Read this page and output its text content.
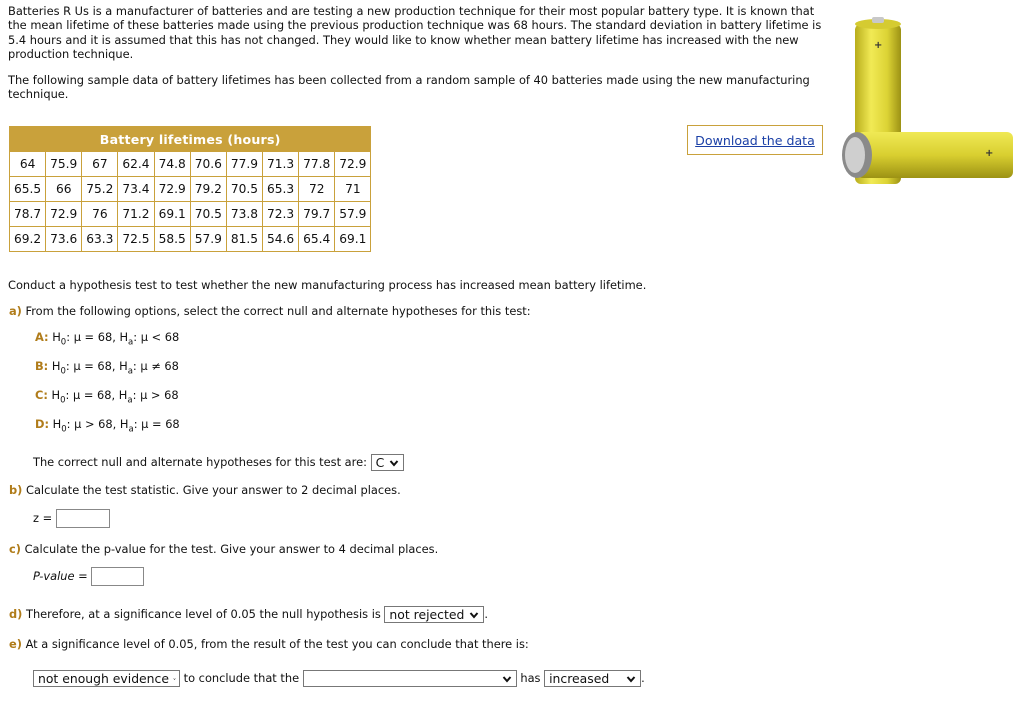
Batteries R Us is a manufacturer of batteries and are testing a new production technique for their most popular battery type. It is known that the mean lifetime of these batteries made using the previous production technique was 68 hours. The standard deviation in battery lifetime is 5.4 hours and it is assumed that this has not changed. They would like to know whether mean battery lifetime has increased with the new production technique.

The following sample data of battery lifetimes has been collected from a random sample of 40 batteries made using the new manufacturing technique.

Battery lifetimes (hours)									
64	75.9	67	62.4	74.8	70.6	77.9	71.3	77.8	72.9
65.5	66	75.2	73.4	72.9	79.2	70.5	65.3	72	71
78.7	72.9	76	71.2	69.1	70.5	73.8	72.3	79.7	57.9
69.2	73.6	63.3	72.5	58.5	57.9	81.5	54.6	65.4	69.1
Download the data
+
+
Conduct a hypothesis test to test whether the new manufacturing process has increased mean battery lifetime.
a) From the following options, select the correct null and alternate hypotheses for this test:
A: $H_0$: μ = 68, $H_a$: μ < 68
B: $H_0$: μ = 68, $H_a$: μ ≠ 68
C: $H_0$: μ = 68, $H_a$: μ > 68
D: $H_0$: μ > 68, $H_a$: μ = 68
The correct null and alternate hypotheses for this test are: C
b) Calculate the test statistic. Give your answer to 2 decimal places.
z =
c) Calculate the p-value for the test. Give your answer to 4 decimal places.
P-value =
d) Therefore, at a significance level of 0.05 the null hypothesis is not rejected .
e) At a significance level of 0.05, from the result of the test you can conclude that there is:
not enough evidence to conclude that the	has increased	.
